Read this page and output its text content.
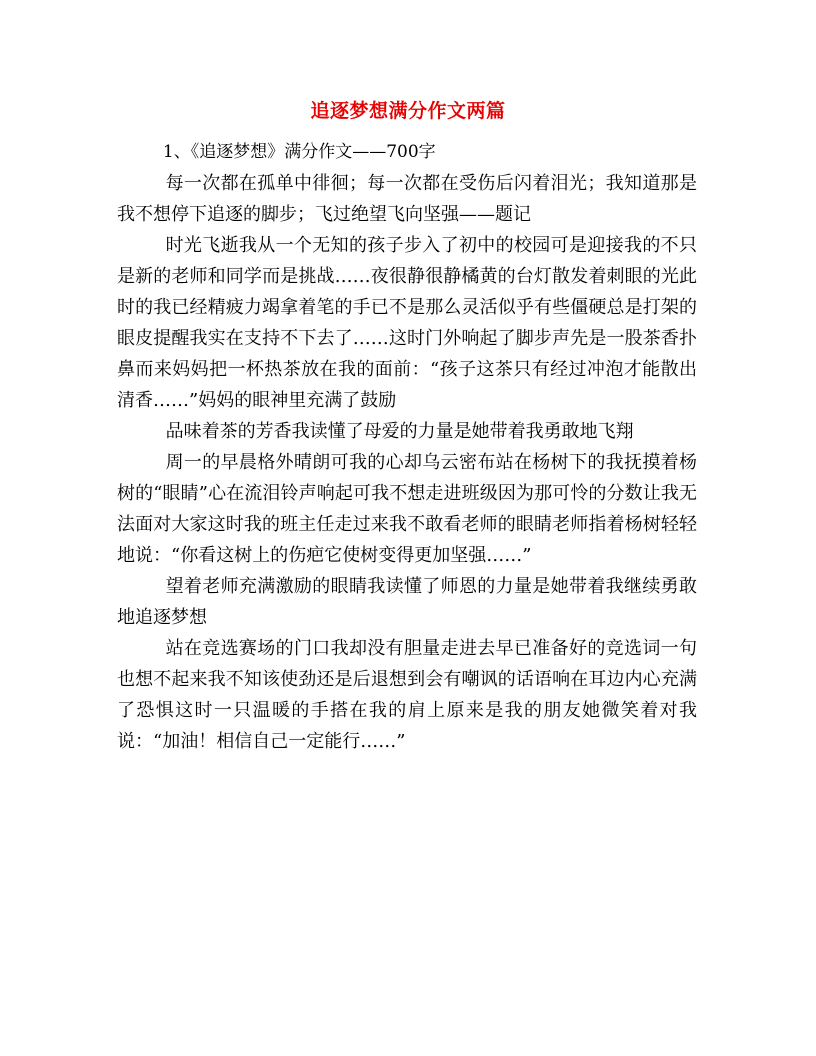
追逐梦想满分作文两篇

1、《追逐梦想》满分作文——700字

每一次都在孤单中徘徊；每一次都在受伤后闪着泪光；我知道那是我不想停下追逐的脚步；飞过绝望飞向坚强——题记

时光飞逝我从一个无知的孩子步入了初中的校园可是迎接我的不只是新的老师和同学而是挑战……夜很静很静橘黄的台灯散发着刺眼的光此时的我已经精疲力竭拿着笔的手已不是那么灵活似乎有些僵硬总是打架的眼皮提醒我实在支持不下去了……这时门外响起了脚步声先是一股茶香扑鼻而来妈妈把一杯热茶放在我的面前：“孩子这茶只有经过冲泡才能散出清香……”妈妈的眼神里充满了鼓励

品味着茶的芳香我读懂了母爱的力量是她带着我勇敢地飞翔

周一的早晨格外晴朗可我的心却乌云密布站在杨树下的我抚摸着杨树的“眼睛”心在流泪铃声响起可我不想走进班级因为那可怜的分数让我无法面对大家这时我的班主任走过来我不敢看老师的眼睛老师指着杨树轻轻地说：“你看这树上的伤疤它使树变得更加坚强……”

望着老师充满激励的眼睛我读懂了师恩的力量是她带着我继续勇敢地追逐梦想

站在竞选赛场的门口我却没有胆量走进去早已准备好的竞选词一句也想不起来我不知该使劲还是后退想到会有嘲讽的话语响在耳边内心充满了恐惧这时一只温暖的手搭在我的肩上原来是我的朋友她微笑着对我说：“加油！相信自己一定能行……”
